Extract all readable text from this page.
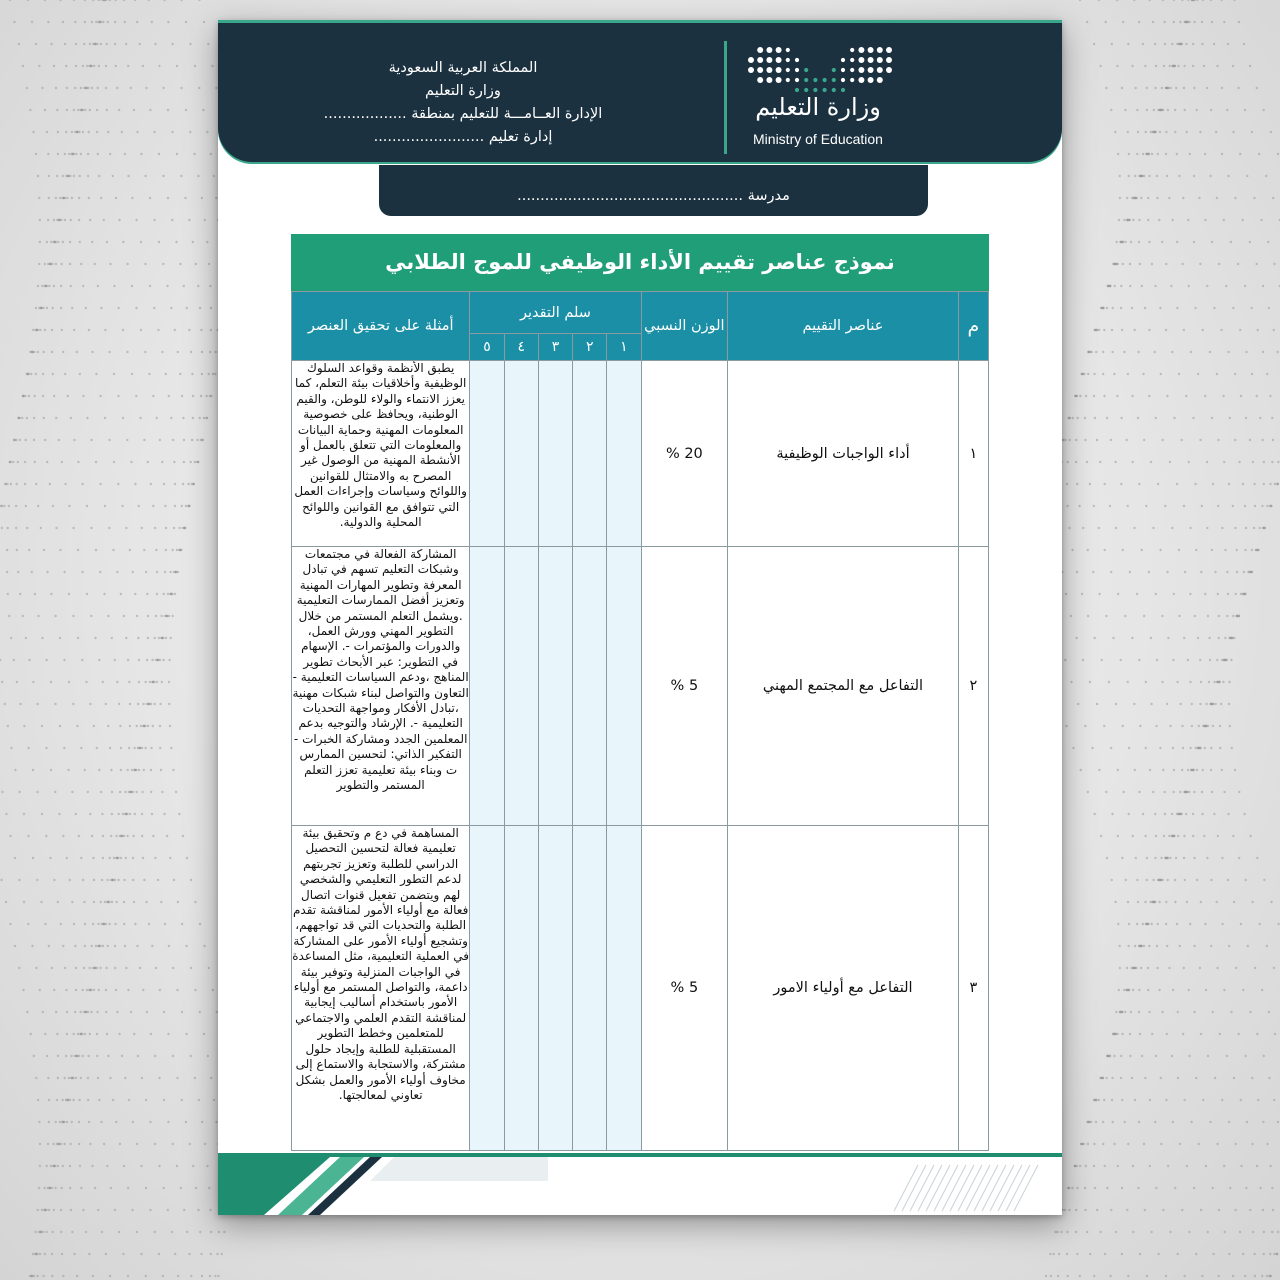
المملكة العربية السعودية
وزارة التعليم
الإدارة العــامـــة للتعليم بمنطقة ..................
إدارة تعليم ........................
وزارة التعليم
Ministry of Education
مدرسة .................................................
نموذج عناصر تقييم الأداء الوظيفي للموج الطلابي
م	عناصر التقييم	الوزن النسبي	سلم التقدير					أمثلة على تحقيق العنصر
			١	٢	٣	٤	٥	
١	أداء الواجبات الوظيفية	20 %						يطبق الأنظمة وقواعد السلوك الوظيفية وأخلاقيات بيئة التعلم، كما يعزز الانتماء والولاء للوطن، والقيم الوطنية، ويحافظ على خصوصية المعلومات المهنية وحماية البيانات والمعلومات التي تتعلق بالعمل أو الأنشطة المهنية من الوصول غير المصرح به والامتثال للقوانين واللوائح وسياسات وإجراءات العمل التي تتوافق مع القوانين واللوائح المحلية والدولية.
٢	التفاعل مع المجتمع المهني	5 %						المشاركة الفعالة في مجتمعات وشبكات التعليم تسهم في تبادل المعرفة وتطوير المهارات المهنية وتعزيز أفضل الممارسات التعليمية .ويشمل التعلم المستمر من خلال التطوير المهني وورش العمل، والدورات والمؤتمرات -. الإسهام في التطوير: عبر الأبحاث تطوير المناهج ،ودعم السياسات التعليمية - التعاون والتواصل لبناء شبكات مهنية ،تبادل الأفكار ومواجهة التحديات التعليمية -. الإرشاد والتوجيه بدعم المعلمين الجدد ومشاركة الخبرات - التفكير الذاتي: لتحسين الممارس ت وبناء بيئة تعليمية تعزز التعلم المستمر والتطوير
٣	التفاعل مع أولياء الامور	5 %						المساهمة في دع م وتحقيق بيئة تعليمية فعالة لتحسين التحصيل الدراسي للطلبة وتعزيز تجربتهم لدعم التطور التعليمي والشخصي لهم ويتضمن تفعيل قنوات اتصال فعالة مع أولياء الأمور لمناقشة تقدم الطلبة والتحديات التي قد تواجههم، وتشجيع أولياء الأمور على المشاركة في العملية التعليمية، مثل المساعدة في الواجبات المنزلية وتوفير بيئة داعمة، والتواصل المستمر مع أولياء الأمور باستخدام أساليب إيجابية لمناقشة التقدم العلمي والاجتماعي للمتعلمين وخطط التطوير المستقبلية للطلبة وإيجاد حلول مشتركة، والاستجابة والاستماع إلى مخاوف أولياء الأمور والعمل بشكل تعاوني لمعالجتها.
